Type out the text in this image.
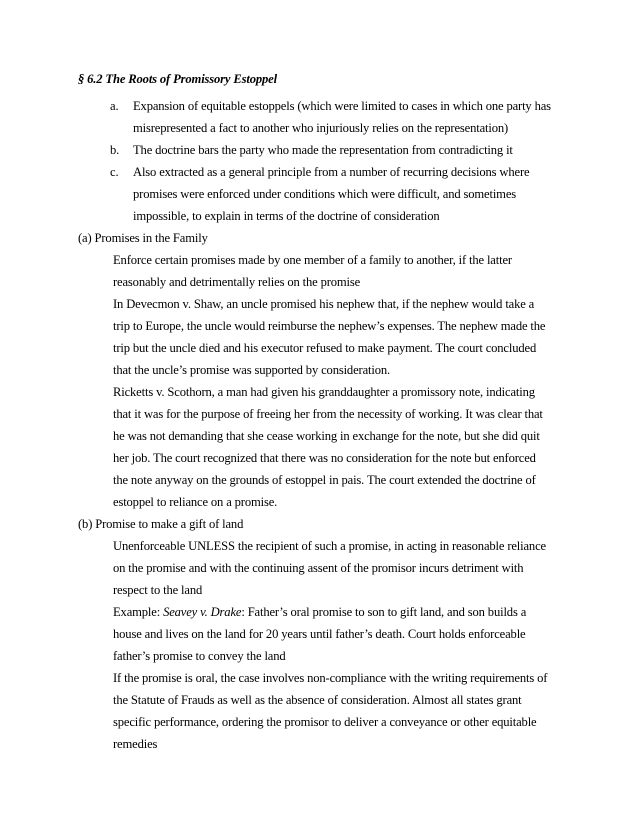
§ 6.2 The Roots of Promissory Estoppel
a. Expansion of equitable estoppels (which were limited to cases in which one party has
misrepresented a fact to another who injuriously relies on the representation)
b. The doctrine bars the party who made the representation from contradicting it
c. Also extracted as a general principle from a number of recurring decisions where
promises were enforced under conditions which were difficult, and sometimes
impossible, to explain in terms of the doctrine of consideration
(a) Promises in the Family
Enforce certain promises made by one member of a family to another, if the latter
reasonably and detrimentally relies on the promise
In Devecmon v. Shaw, an uncle promised his nephew that, if the nephew would take a
trip to Europe, the uncle would reimburse the nephew’s expenses. The nephew made the
trip but the uncle died and his executor refused to make payment. The court concluded
that the uncle’s promise was supported by consideration.
Ricketts v. Scothorn, a man had given his granddaughter a promissory note, indicating
that it was for the purpose of freeing her from the necessity of working. It was clear that
he was not demanding that she cease working in exchange for the note, but she did quit
her job. The court recognized that there was no consideration for the note but enforced
the note anyway on the grounds of estoppel in pais. The court extended the doctrine of
estoppel to reliance on a promise.
(b) Promise to make a gift of land
Unenforceable UNLESS the recipient of such a promise, in acting in reasonable reliance
on the promise and with the continuing assent of the promisor incurs detriment with
respect to the land
Example: Seavey v. Drake: Father’s oral promise to son to gift land, and son builds a
house and lives on the land for 20 years until father’s death. Court holds enforceable
father’s promise to convey the land
If the promise is oral, the case involves non-compliance with the writing requirements of
the Statute of Frauds as well as the absence of consideration. Almost all states grant
specific performance, ordering the promisor to deliver a conveyance or other equitable
remedies
